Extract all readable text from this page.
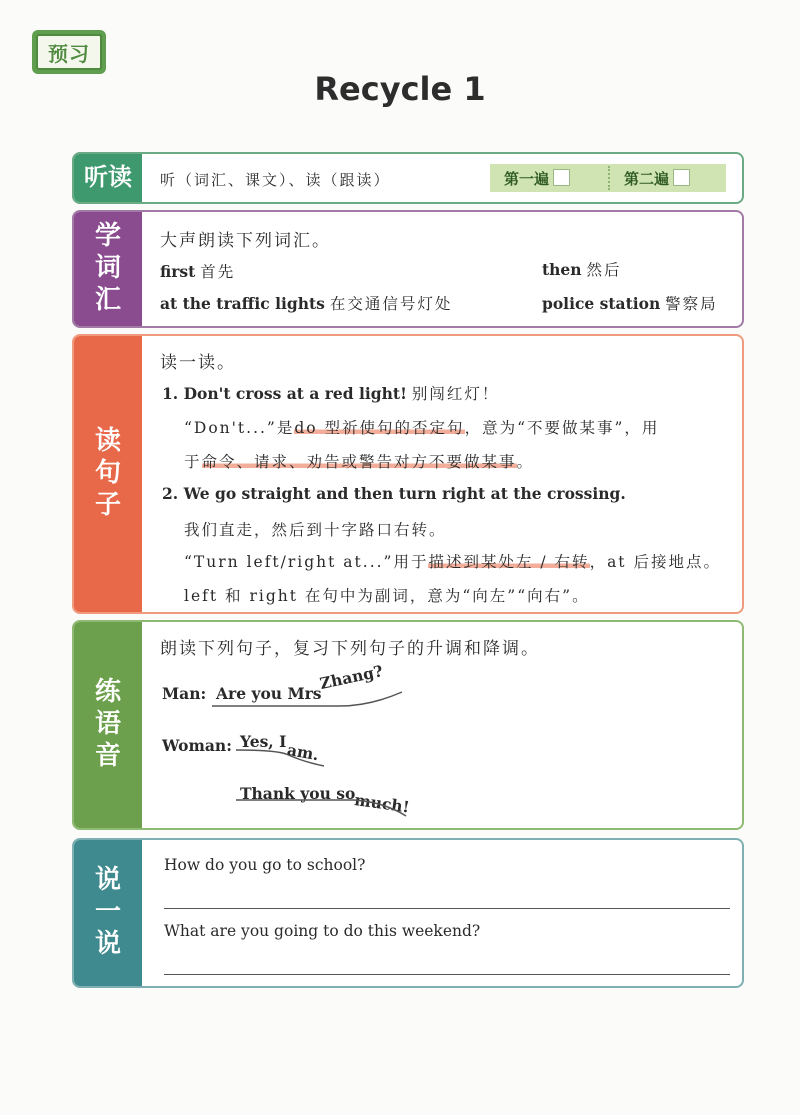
预习
Recycle 1
听读	听（词汇、课文）、读（跟读）	第一遍	第二遍
学词汇
大声朗读下列词汇。
first 首先	then 然后
at the traffic lights 在交通信号灯处	police station 警察局
读句子
读一读。
1. Don't cross at a red light! 别闯红灯！
“Don't...”是do 型祈使句的否定句，意为“不要做某事”，用
于命令、请求、劝告或警告对方不要做某事。
2. We go straight and then turn right at the crossing.
我们直走，然后到十字路口右转。
“Turn left/right at...”用于描述到某处左 / 右转，at 后接地点。
left 和 right 在句中为副词，意为“向左”“向右”。
练语音
朗读下列句子，复习下列句子的升调和降调。
Man: Are you Mrs
Zhang?
Woman: Yes, I am.
Thank you so
much!
说一说
How do you go to school?
What are you going to do this weekend?
